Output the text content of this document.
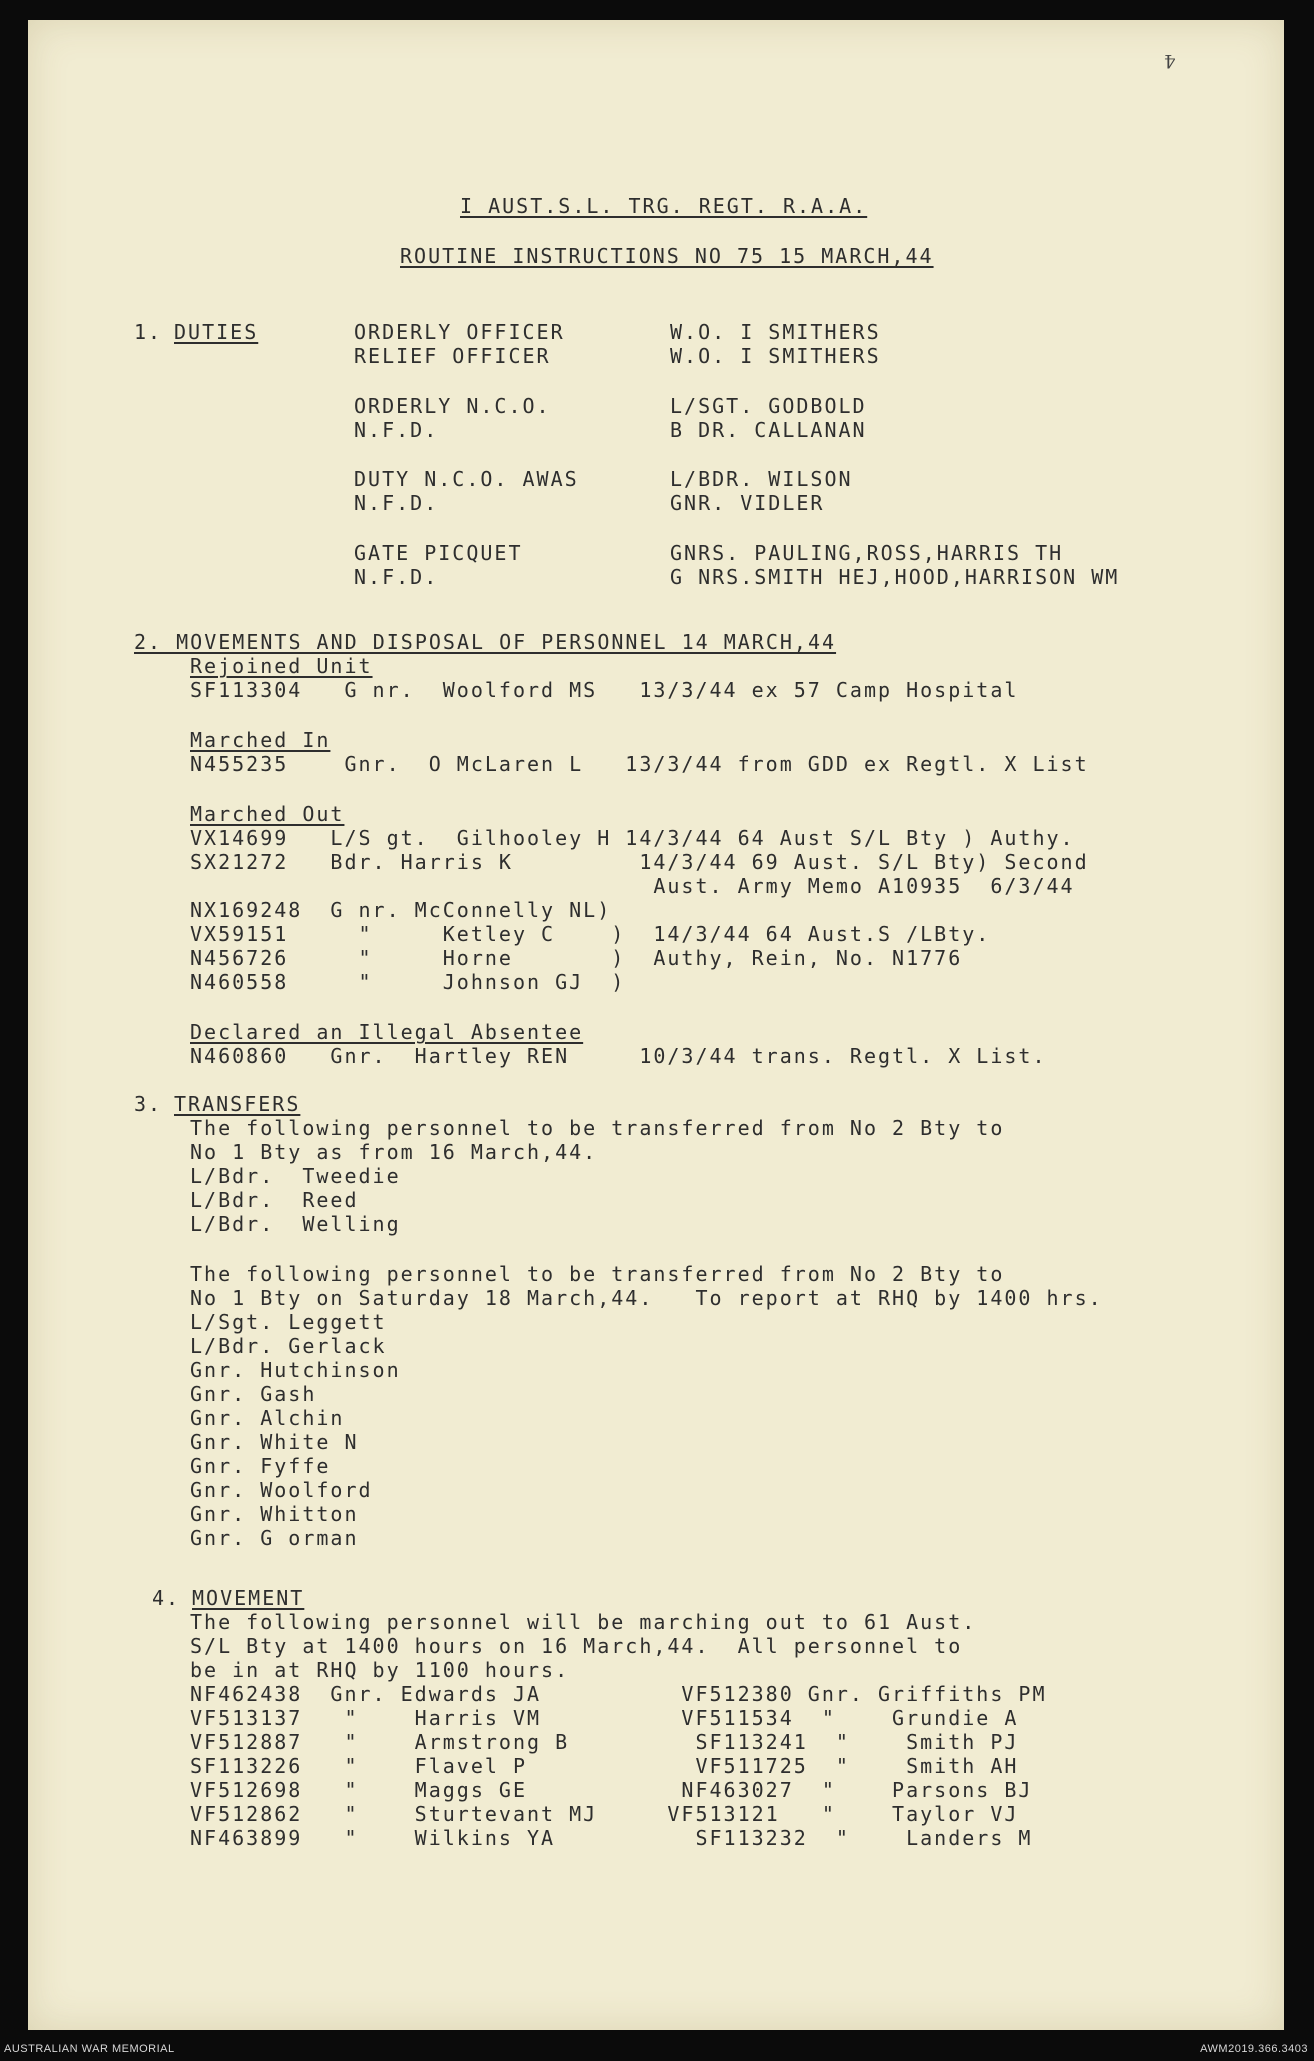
4
I AUST.S.L. TRG. REGT. R.A.A.
ROUTINE INSTRUCTIONS NO 75 15 MARCH,44
1. DUTIES	ORDERLY OFFICER	W.O. I SMITHERS
RELIEF OFFICER	W.O. I SMITHERS
ORDERLY N.C.O.	L/SGT. GODBOLD
N.F.D.	B DR. CALLANAN
DUTY N.C.O. AWAS	L/BDR. WILSON
N.F.D.	GNR. VIDLER
GATE PICQUET	GNRS. PAULING,ROSS,HARRIS TH
N.F.D.	G NRS.SMITH HEJ,HOOD,HARRISON WM
2. MOVEMENTS AND DISPOSAL OF PERSONNEL 14 MARCH,44
Rejoined Unit
SF113304   G nr.  Woolford MS   13/3/44 ex 57 Camp Hospital
Marched In
N455235    Gnr.  O McLaren L   13/3/44 from GDD ex Regtl. X List
Marched Out
VX14699   L/S gt.  Gilhooley H 14/3/44 64 Aust S/L Bty ) Authy.
SX21272   Bdr. Harris K         14/3/44 69 Aust. S/L Bty) Second
Aust. Army Memo A10935  6/3/44
NX169248  G nr. McConnelly NL)
VX59151     "     Ketley C    )  14/3/44 64 Aust.S /LBty.
N456726     "     Horne       )  Authy, Rein, No. N1776
N460558     "     Johnson GJ  )
Declared an Illegal Absentee
N460860   Gnr.  Hartley REN     10/3/44 trans. Regtl. X List.
3. TRANSFERS
The following personnel to be transferred from No 2 Bty to
No 1 Bty as from 16 March,44.
L/Bdr.  Tweedie
L/Bdr.  Reed
L/Bdr.  Welling
The following personnel to be transferred from No 2 Bty to
No 1 Bty on Saturday 18 March,44.   To report at RHQ by 1400 hrs.
L/Sgt. Leggett
L/Bdr. Gerlack
Gnr. Hutchinson
Gnr. Gash
Gnr. Alchin
Gnr. White N
Gnr. Fyffe
Gnr. Woolford
Gnr. Whitton
Gnr. G orman
4. MOVEMENT
The following personnel will be marching out to 61 Aust.
S/L Bty at 1400 hours on 16 March,44.  All personnel to
be in at RHQ by 1100 hours.
NF462438  Gnr. Edwards JA          VF512380 Gnr. Griffiths PM
VF513137   "    Harris VM          VF511534  "    Grundie A
VF512887   "    Armstrong B         SF113241  "    Smith PJ
SF113226   "    Flavel P            VF511725  "    Smith AH
VF512698   "    Maggs GE           NF463027  "    Parsons BJ
VF512862   "    Sturtevant MJ     VF513121   "    Taylor VJ
NF463899   "    Wilkins YA          SF113232  "    Landers M
AUSTRALIAN WAR MEMORIAL	AWM2019.366.3403
